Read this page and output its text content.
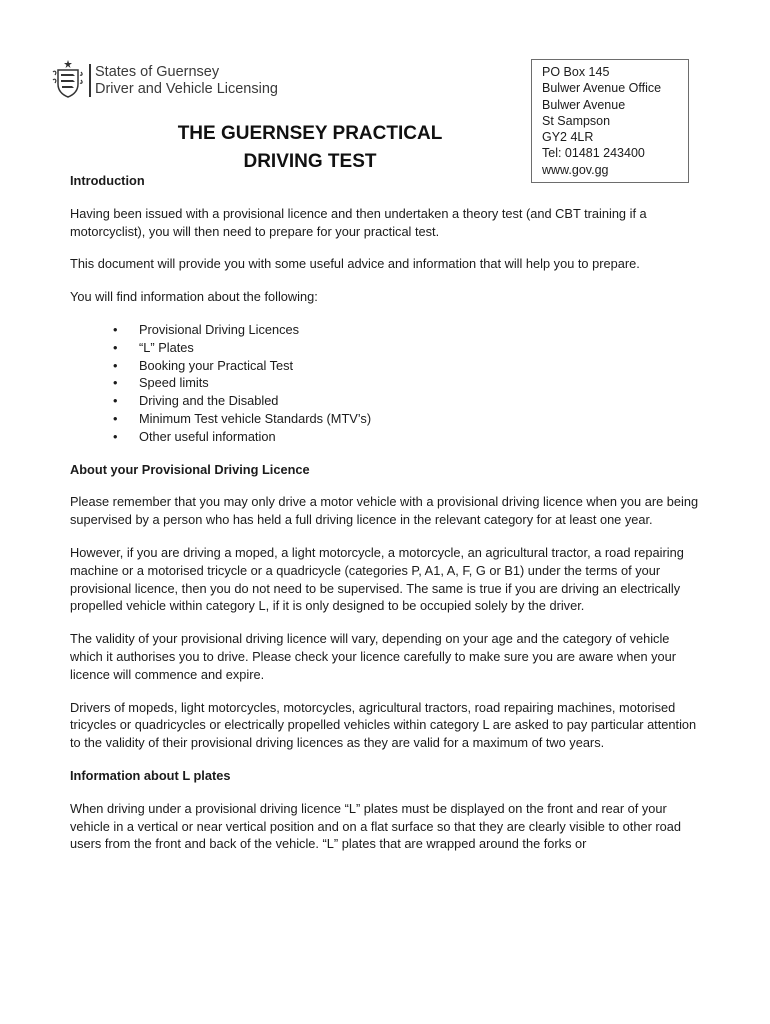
States of Guernsey
Driver and Vehicle Licensing
PO Box 145
Bulwer Avenue Office
Bulwer Avenue
St Sampson
GY2 4LR
Tel: 01481 243400
www.gov.gg
THE GUERNSEY PRACTICAL
DRIVING TEST
Introduction

Having been issued with a provisional licence and then undertaken a theory test (and CBT training if a motorcyclist), you will then need to prepare for your practical test.

This document will provide you with some useful advice and information that will help you to prepare.

You will find information about the following:

• Provisional Driving Licences
• “L” Plates
• Booking your Practical Test
• Speed limits
• Driving and the Disabled
• Minimum Test vehicle Standards (MTV’s)
• Other useful information
About your Provisional Driving Licence

Please remember that you may only drive a motor vehicle with a provisional driving licence when you are being supervised by a person who has held a full driving licence in the relevant category for at least one year.

However, if you are driving a moped, a light motorcycle, a motorcycle, an agricultural tractor, a road repairing machine or a motorised tricycle or a quadricycle (categories P, A1, A, F, G or B1) under the terms of your provisional licence, then you do not need to be supervised. The same is true if you are driving an electrically propelled vehicle within category L, if it is only designed to be occupied solely by the driver.

The validity of your provisional driving licence will vary, depending on your age and the category of vehicle which it authorises you to drive. Please check your licence carefully to make sure you are aware when your licence will commence and expire.

Drivers of mopeds, light motorcycles, motorcycles, agricultural tractors, road repairing machines, motorised tricycles or quadricycles or electrically propelled vehicles within category L are asked to pay particular attention to the validity of their provisional driving licences as they are valid for a maximum of two years.

Information about L plates

When driving under a provisional driving licence “L” plates must be displayed on the front and rear of your vehicle in a vertical or near vertical position and on a flat surface so that they are clearly visible to other road users from the front and back of the vehicle. “L” plates that are wrapped around the forks or
